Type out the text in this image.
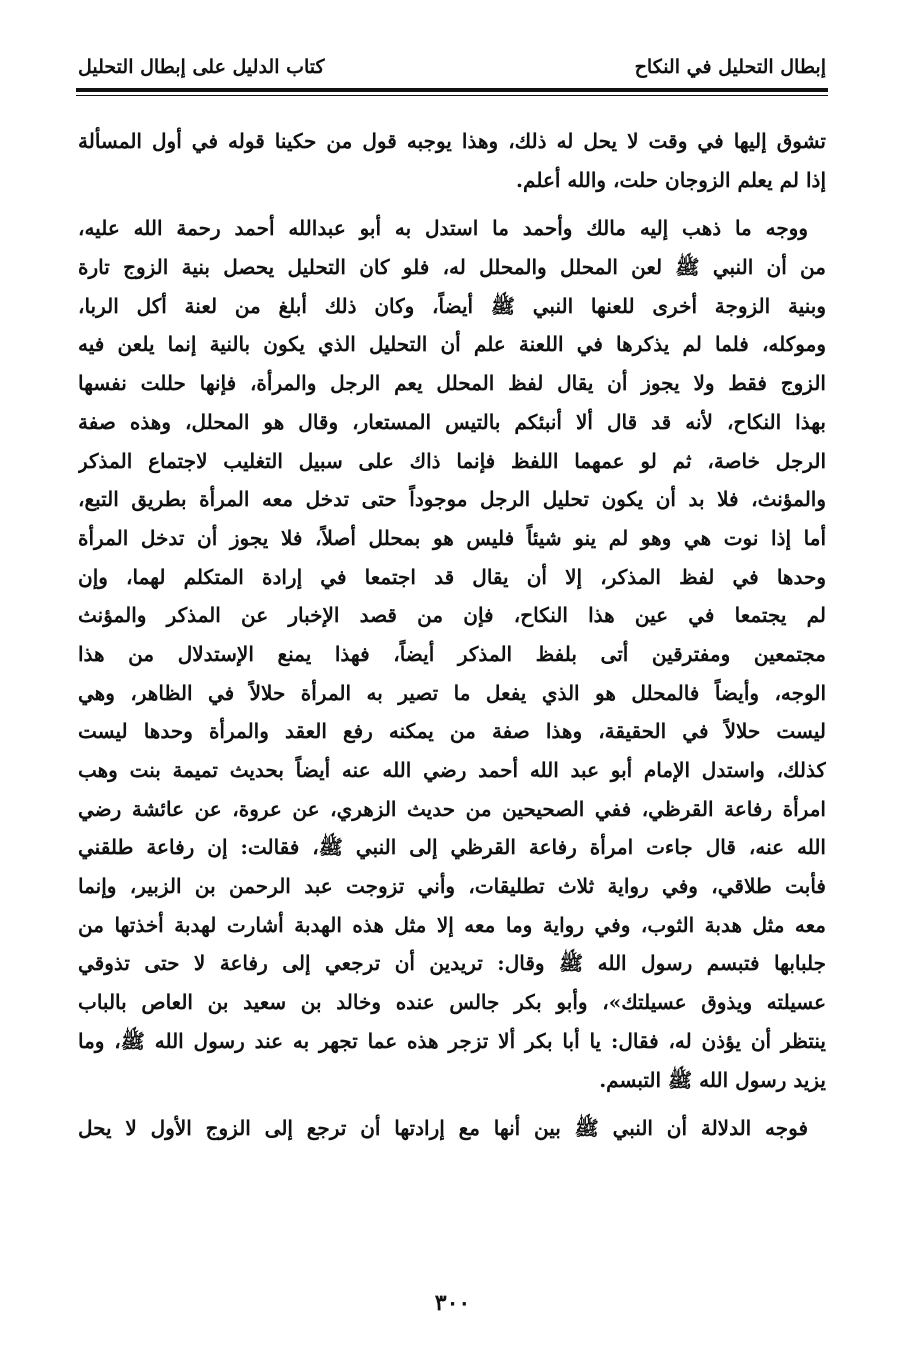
إبطال التحليل في النكاح
كتاب الدليل على إبطال التحليل
تشوق إليها في وقت لا يحل له ذلك، وهذا يوجبه قول من حكينا قوله في أول المسألة
إذا لم يعلم الزوجان حلت، والله أعلم.
ووجه ما ذهب إليه مالك وأحمد ما استدل به أبو عبدالله أحمد رحمة الله عليه،
من أن النبي ﷺ لعن المحلل والمحلل له، فلو كان التحليل يحصل بنية الزوج تارة
وبنية الزوجة أخرى للعنها النبي ﷺ أيضاً، وكان ذلك أبلغ من لعنة أكل الربا،
وموكله، فلما لم يذكرها في اللعنة علم أن التحليل الذي يكون بالنية إنما يلعن فيه
الزوج فقط ولا يجوز أن يقال لفظ المحلل يعم الرجل والمرأة، فإنها حللت نفسها
بهذا النكاح، لأنه قد قال ألا أنبئكم بالتيس المستعار، وقال هو المحلل، وهذه صفة
الرجل خاصة، ثم لو عمهما اللفظ فإنما ذاك على سبيل التغليب لاجتماع المذكر
والمؤنث، فلا بد أن يكون تحليل الرجل موجوداً حتى تدخل معه المرأة بطريق التبع،
أما إذا نوت هي وهو لم ينو شيئاً فليس هو بمحلل أصلاً، فلا يجوز أن تدخل المرأة
وحدها في لفظ المذكر، إلا أن يقال قد اجتمعا في إرادة المتكلم لهما، وإن
لم يجتمعا في عين هذا النكاح، فإن من قصد الإخبار عن المذكر والمؤنث
مجتمعين ومفترقين أتى بلفظ المذكر أيضاً، فهذا يمنع الإستدلال من هذا
الوجه، وأيضاً فالمحلل هو الذي يفعل ما تصير به المرأة حلالاً في الظاهر، وهي
ليست حلالاً في الحقيقة، وهذا صفة من يمكنه رفع العقد والمرأة وحدها ليست
كذلك، واستدل الإمام أبو عبد الله أحمد رضي الله عنه أيضاً بحديث تميمة بنت وهب
امرأة رفاعة القرظي، ففي الصحيحين من حديث الزهري، عن عروة، عن عائشة رضي
الله عنه، قال جاءت امرأة رفاعة القرظي إلى النبي ﷺ، فقالت: إن رفاعة طلقني
فأبت طلاقي، وفي رواية ثلاث تطليقات، وأني تزوجت عبد الرحمن بن الزبير، وإنما
معه مثل هدبة الثوب، وفي رواية وما معه إلا مثل هذه الهدبة أشارت لهدبة أخذتها من
جلبابها فتبسم رسول الله ﷺ وقال: تريدين أن ترجعي إلى رفاعة لا حتى تذوقي
عسيلته ويذوق عسيلتك»، وأبو بكر جالس عنده وخالد بن سعيد بن العاص بالباب
ينتظر أن يؤذن له، فقال: يا أبا بكر ألا تزجر هذه عما تجهر به عند رسول الله ﷺ، وما
يزيد رسول الله ﷺ التبسم.
فوجه الدلالة أن النبي ﷺ بين أنها مع إرادتها أن ترجع إلى الزوج الأول لا يحل
٣٠٠
